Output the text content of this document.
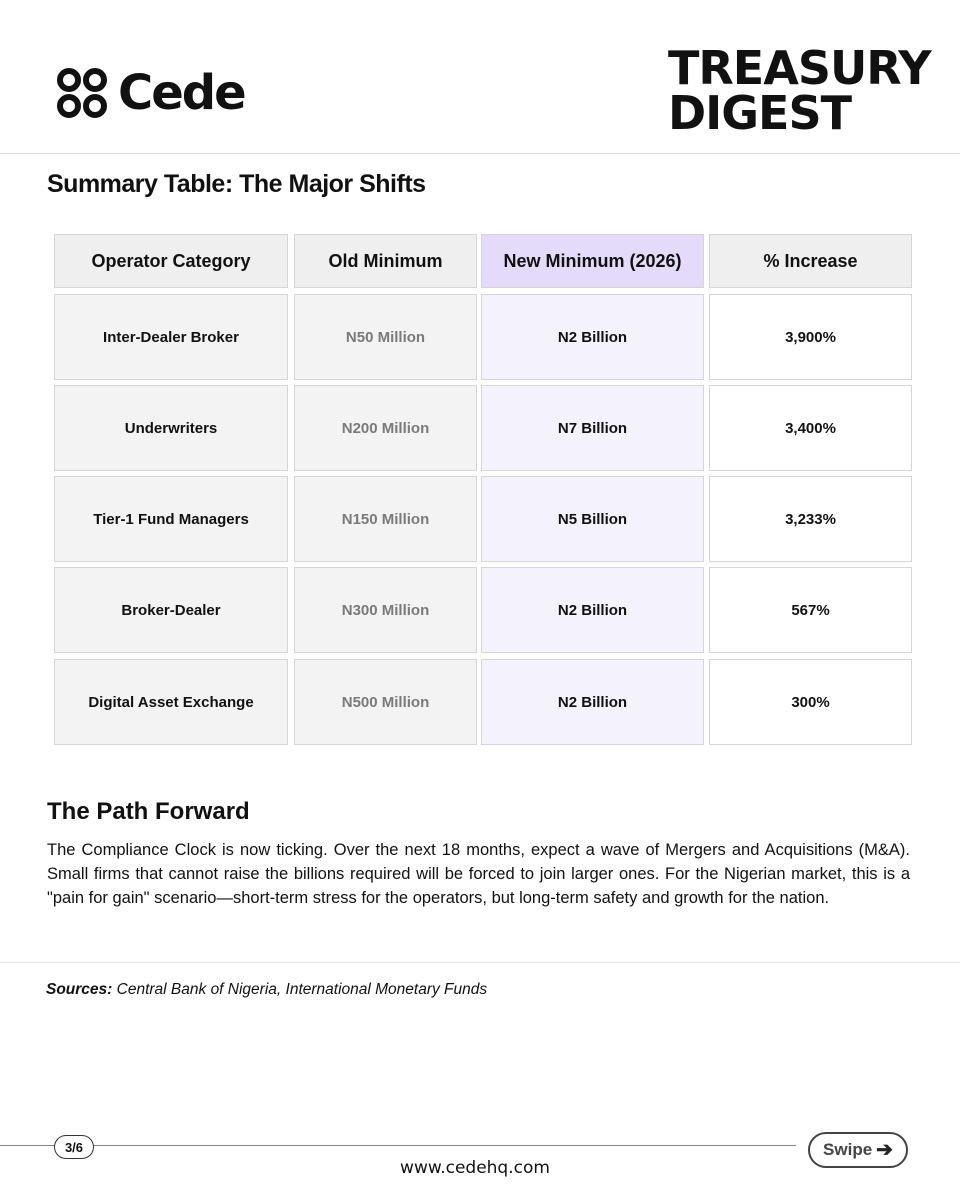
Cede	TREASURY
DIGEST
Summary Table: The Major Shifts
Operator Category	Old Minimum	New Minimum (2026)	% Increase
Inter-Dealer Broker	N50 Million	N2 Billion	3,900%
Underwriters	N200 Million	N7 Billion	3,400%
Tier-1 Fund Managers	N150 Million	N5 Billion	3,233%
Broker-Dealer	N300 Million	N2 Billion	567%
Digital Asset Exchange	N500 Million	N2 Billion	300%
The Path Forward

The Compliance Clock is now ticking. Over the next 18 months, expect a wave of Mergers and Acquisitions (M&A). Small firms that cannot raise the billions required will be forced to join larger ones. For the Nigerian market, this is a "pain for gain" scenario—short-term stress for the operators, but long-term safety and growth for the nation.

Sources: Central Bank of Nigeria, International Monetary Funds
3/6	Swipe ➔
www.cedehq.com
